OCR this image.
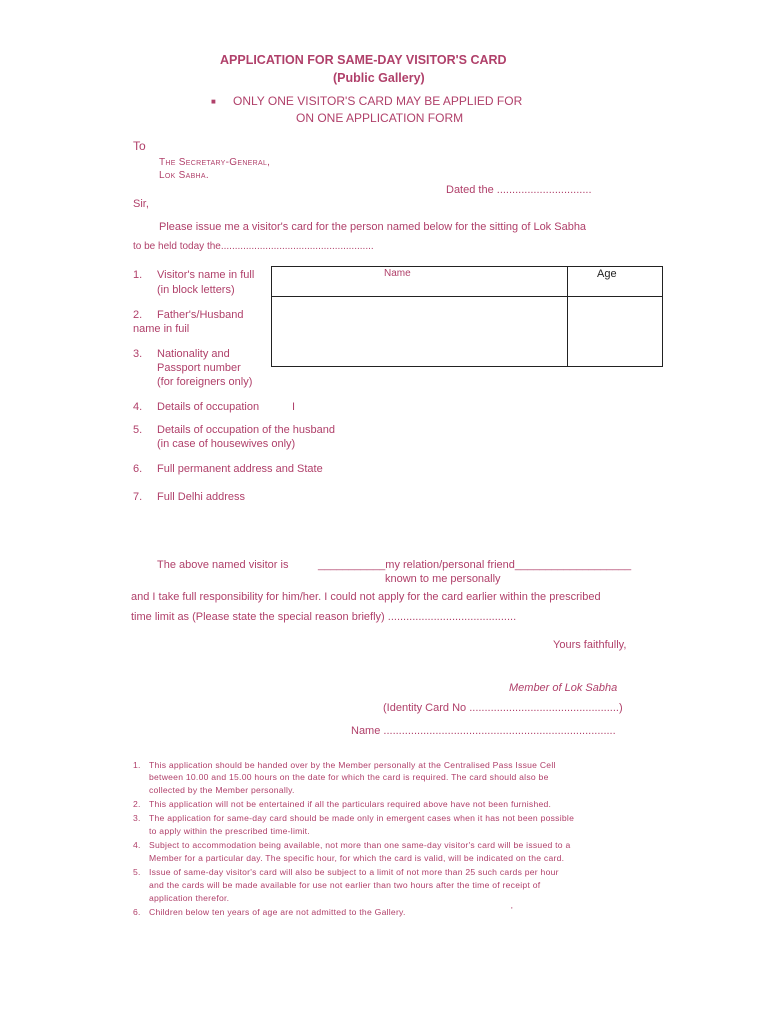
APPLICATION FOR SAME-DAY VISITOR'S CARD
(Public Gallery)
■ ONLY ONE VISITOR'S CARD MAY BE APPLIED FOR
ON ONE APPLICATION FORM
To
The Secretary-General,
Lok Sabha.
Dated the ...............................
Sir,
Please issue me a visitor's card for the person named below for the sitting of Lok Sabha
to be held today the.......................................................
Name	Age
1. Visitor's name in full
(in block letters)
2. Father's/Husband
name in fuil
3. Nationality and
Passport number
(for foreigners only)
4. Details of occupation	I
5. Details of occupation of the husband
(in case of housewives only)
6. Full permanent address and State
7. Full Delhi address
The above named visitor is	___________my relation/personal friend___________________
known to me personally
and I take full responsibility for him/her. I could not apply for the card earlier within the prescribed
time limit as (Please state the special reason briefly) ..........................................
Yours faithfully,
Member of Lok Sabha
(Identity Card No .................................................)
Name ............................................................................
1. This application should be handed over by the Member personally at the Centralised Pass Issue Cell
between 10.00 and 15.00 hours on the date for which the card is required. The card should also be
collected by the Member personally.
2. This application will not be entertained if all the particulars required above have not been furnished.
3. The application for same-day card should be made only in emergent cases when it has not been possible
to apply within the prescribed time-limit.
4. Subject to accommodation being available, not more than one same-day visitor's card will be issued to a
Member for a particular day. The specific hour, for which the card is valid, will be indicated on the card.
5. Issue of same-day visitor's card will also be subject to a limit of not more than 25 such cards per hour
and the cards will be made available for use not earlier than two hours after the time of receipt of
application therefor.
6. Children below ten years of age are not admitted to the Gallery.	'
